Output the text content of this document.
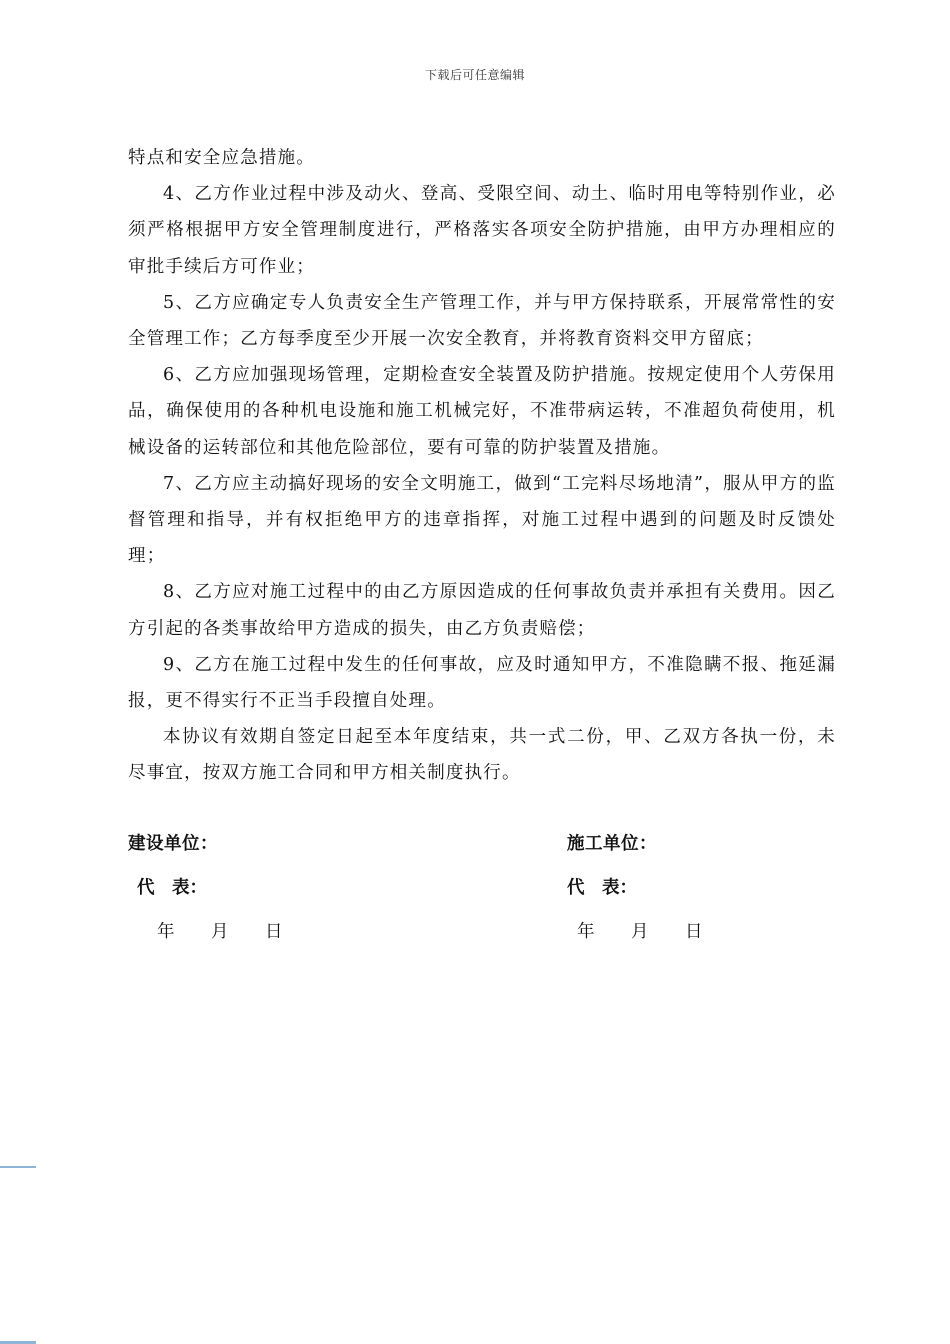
下载后可任意编辑

特点和安全应急措施。

4、乙方作业过程中涉及动火、登高、受限空间、动土、临时用电等特别作业，必须严格根据甲方安全管理制度进行，严格落实各项安全防护措施，由甲方办理相应的审批手续后方可作业；

5、乙方应确定专人负责安全生产管理工作，并与甲方保持联系，开展常常性的安全管理工作；乙方每季度至少开展一次安全教育，并将教育资料交甲方留底；

6、乙方应加强现场管理，定期检查安全装置及防护措施。按规定使用个人劳保用品，确保使用的各种机电设施和施工机械完好，不准带病运转，不准超负荷使用，机械设备的运转部位和其他危险部位，要有可靠的防护装置及措施。

7、乙方应主动搞好现场的安全文明施工，做到“工完料尽场地清”，服从甲方的监督管理和指导，并有权拒绝甲方的违章指挥，对施工过程中遇到的问题及时反馈处理；

8、乙方应对施工过程中的由乙方原因造成的任何事故负责并承担有关费用。因乙方引起的各类事故给甲方造成的损失，由乙方负责赔偿；

9、乙方在施工过程中发生的任何事故，应及时通知甲方，不准隐瞒不报、拖延漏报，更不得实行不正当手段擅自处理。

本协议有效期自签定日起至本年度结束，共一式二份，甲、乙双方各执一份，未尽事宜，按双方施工合同和甲方相关制度执行。

建设单位：
代　表：
年　　月　　日
施工单位：
代　表：
年　　月　　日
